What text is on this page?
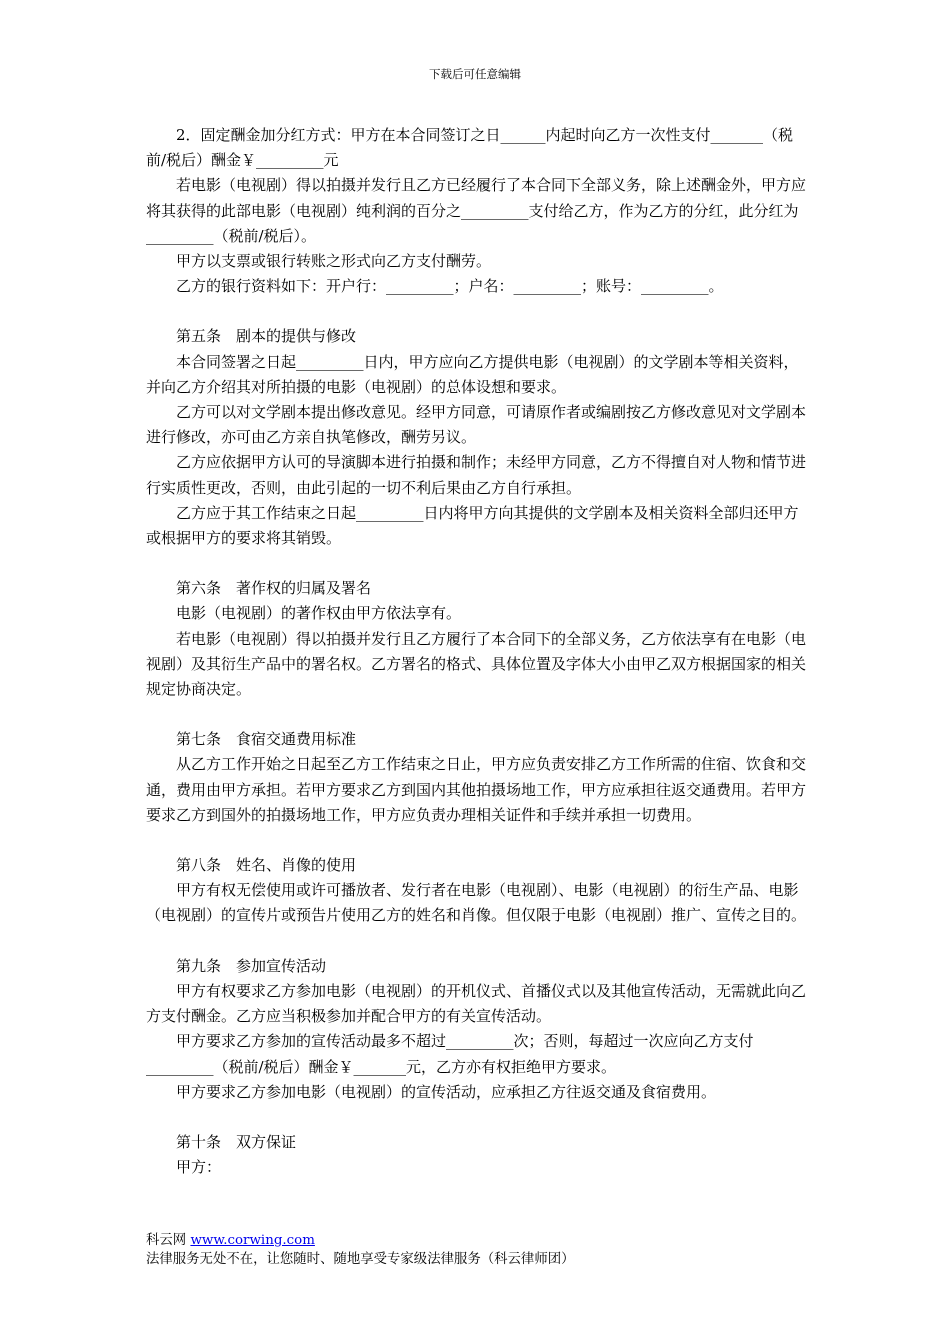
下载后可任意编辑

2．固定酬金加分红方式：甲方在本合同签订之日______内起时向乙方一次性支付_______（税前/税后）酬金￥_________元

若电影（电视剧）得以拍摄并发行且乙方已经履行了本合同下全部义务，除上述酬金外，甲方应将其获得的此部电影（电视剧）纯利润的百分之_________支付给乙方，作为乙方的分红，此分红为_________（税前/税后）。

甲方以支票或银行转账之形式向乙方支付酬劳。

乙方的银行资料如下：开户行：_________；户名：_________；账号：_________。

第五条　剧本的提供与修改

本合同签署之日起_________日内，甲方应向乙方提供电影（电视剧）的文学剧本等相关资料，并向乙方介绍其对所拍摄的电影（电视剧）的总体设想和要求。

乙方可以对文学剧本提出修改意见。经甲方同意，可请原作者或编剧按乙方修改意见对文学剧本进行修改，亦可由乙方亲自执笔修改，酬劳另议。

乙方应依据甲方认可的导演脚本进行拍摄和制作；未经甲方同意，乙方不得擅自对人物和情节进行实质性更改，否则，由此引起的一切不利后果由乙方自行承担。

乙方应于其工作结束之日起_________日内将甲方向其提供的文学剧本及相关资料全部归还甲方或根据甲方的要求将其销毁。

第六条　著作权的归属及署名

电影（电视剧）的著作权由甲方依法享有。

若电影（电视剧）得以拍摄并发行且乙方履行了本合同下的全部义务，乙方依法享有在电影（电视剧）及其衍生产品中的署名权。乙方署名的格式、具体位置及字体大小由甲乙双方根据国家的相关规定协商决定。

第七条　食宿交通费用标准

从乙方工作开始之日起至乙方工作结束之日止，甲方应负责安排乙方工作所需的住宿、饮食和交通，费用由甲方承担。若甲方要求乙方到国内其他拍摄场地工作，甲方应承担往返交通费用。若甲方要求乙方到国外的拍摄场地工作，甲方应负责办理相关证件和手续并承担一切费用。

第八条　姓名、肖像的使用

甲方有权无偿使用或许可播放者、发行者在电影（电视剧）、电影（电视剧）的衍生产品、电影（电视剧）的宣传片或预告片使用乙方的姓名和肖像。但仅限于电影（电视剧）推广、宣传之目的。

第九条　参加宣传活动

甲方有权要求乙方参加电影（电视剧）的开机仪式、首播仪式以及其他宣传活动，无需就此向乙方支付酬金。乙方应当积极参加并配合甲方的有关宣传活动。

甲方要求乙方参加的宣传活动最多不超过_________次；否则，每超过一次应向乙方支付_________（税前/税后）酬金￥_______元，乙方亦有权拒绝甲方要求。

甲方要求乙方参加电影（电视剧）的宣传活动，应承担乙方往返交通及食宿费用。

第十条　双方保证

甲方：

科云网 www.corwing.com
法律服务无处不在，让您随时、随地享受专家级法律服务（科云律师团）
